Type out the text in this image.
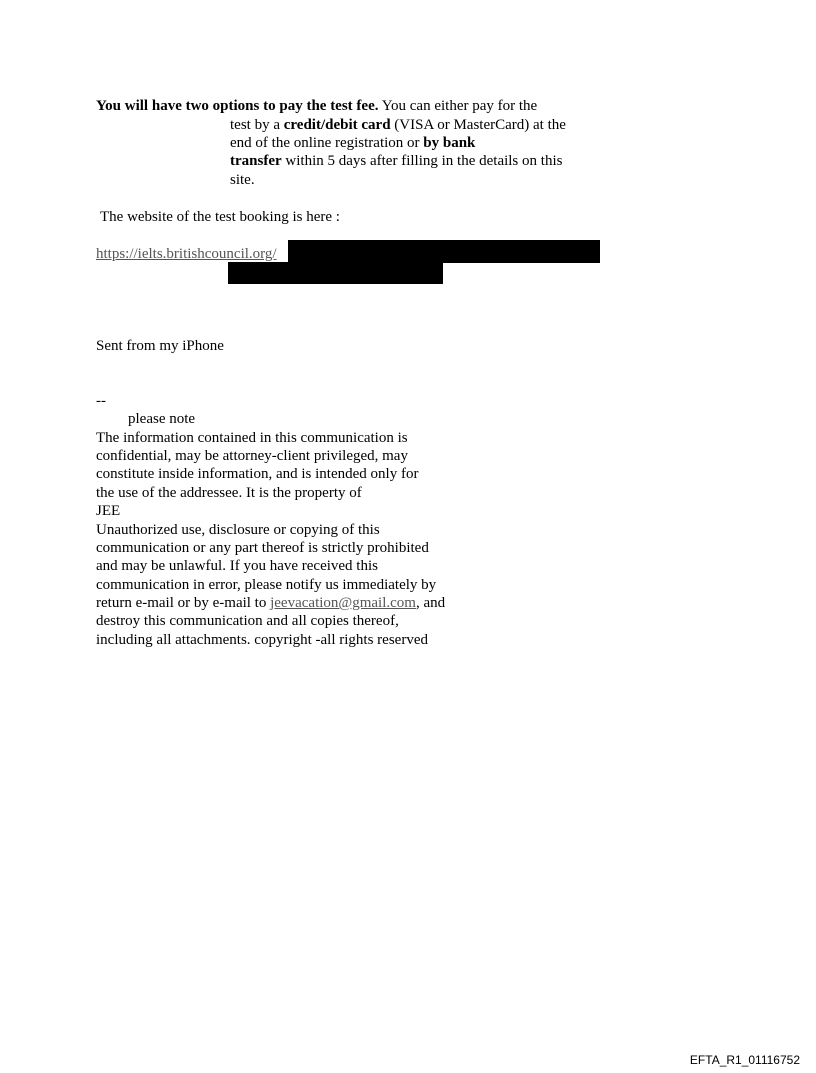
You will have two options to pay the test fee. You can either pay for the
test by a credit/debit card (VISA or MasterCard) at the
end of the online registration or by bank
transfer within 5 days after filling in the details on this
site.
The website of the test booking is here :
https://ielts.britishcouncil.org/
Sent from my iPhone
--
please note
The information contained in this communication is
confidential, may be attorney-client privileged, may
constitute inside information, and is intended only for
the use of the addressee. It is the property of
JEE
Unauthorized use, disclosure or copying of this
communication or any part thereof is strictly prohibited
and may be unlawful. If you have received this
communication in error, please notify us immediately by
return e-mail or by e-mail to jeevacation@gmail.com, and
destroy this communication and all copies thereof,
including all attachments. copyright -all rights reserved
EFTA_R1_01116752
